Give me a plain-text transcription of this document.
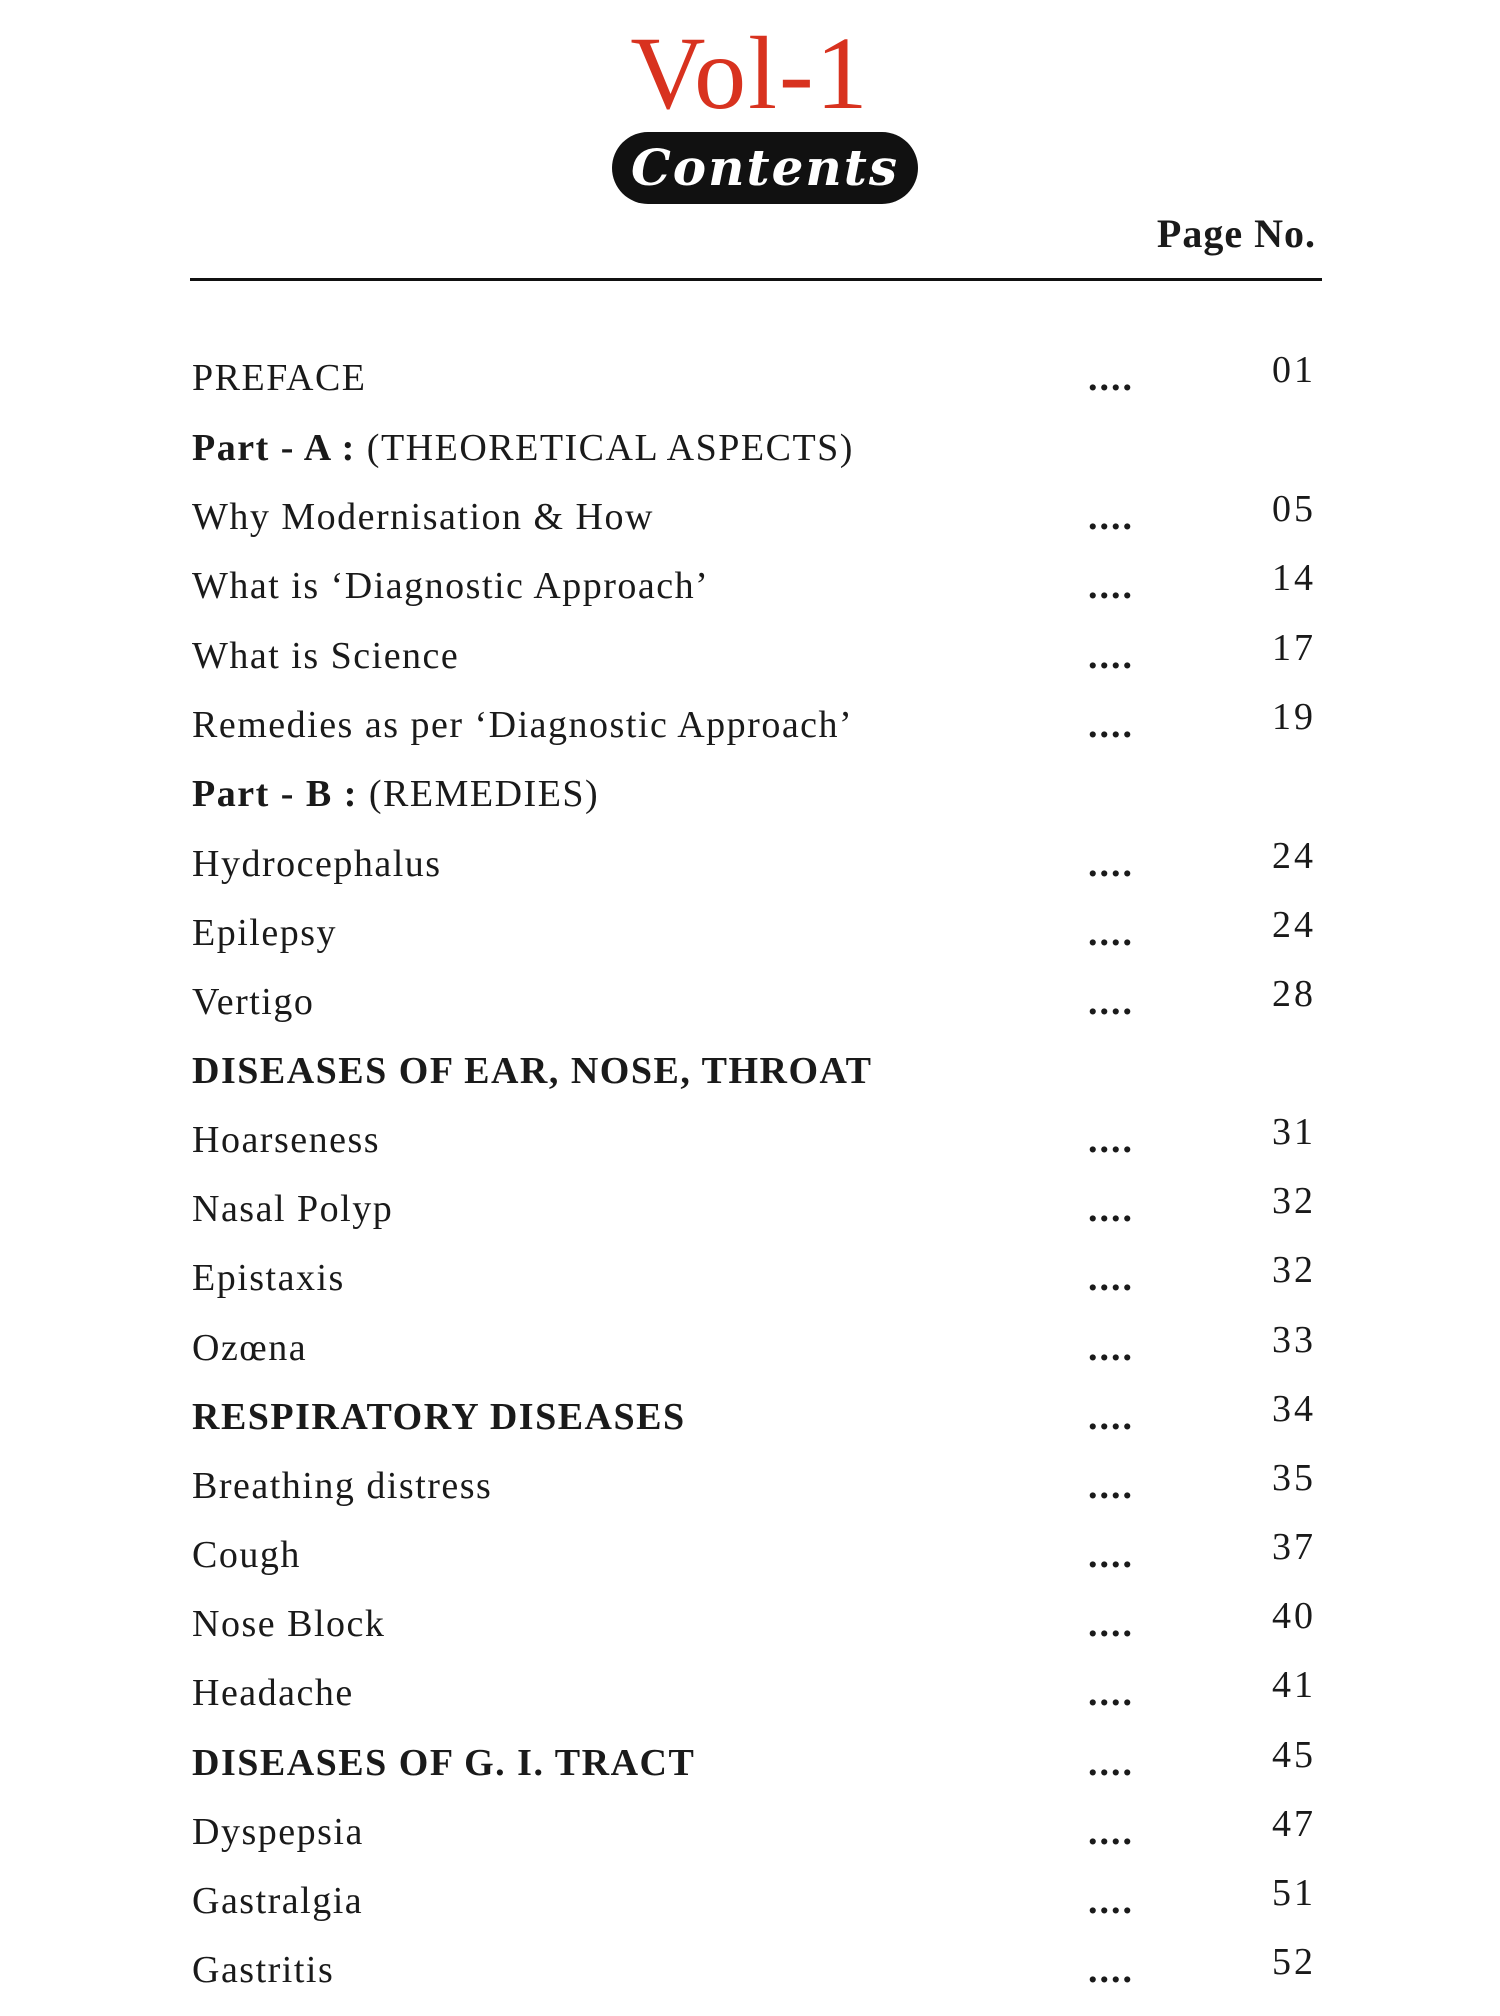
Vol-1
Contents
Page No.
PREFACE	....	01
Part - A : (THEORETICAL ASPECTS)
Why Modernisation & How	....	05
What is ‘Diagnostic Approach’	....	14
What is Science	....	17
Remedies as per ‘Diagnostic Approach’	....	19
Part - B : (REMEDIES)
Hydrocephalus	....	24
Epilepsy	....	24
Vertigo	....	28
DISEASES OF EAR, NOSE, THROAT
Hoarseness	....	31
Nasal Polyp	....	32
Epistaxis	....	32
Ozœna	....	33
RESPIRATORY DISEASES	....	34
Breathing distress	....	35
Cough	....	37
Nose Block	....	40
Headache	....	41
DISEASES OF G. I. TRACT	....	45
Dyspepsia	....	47
Gastralgia	....	51
Gastritis	....	52
